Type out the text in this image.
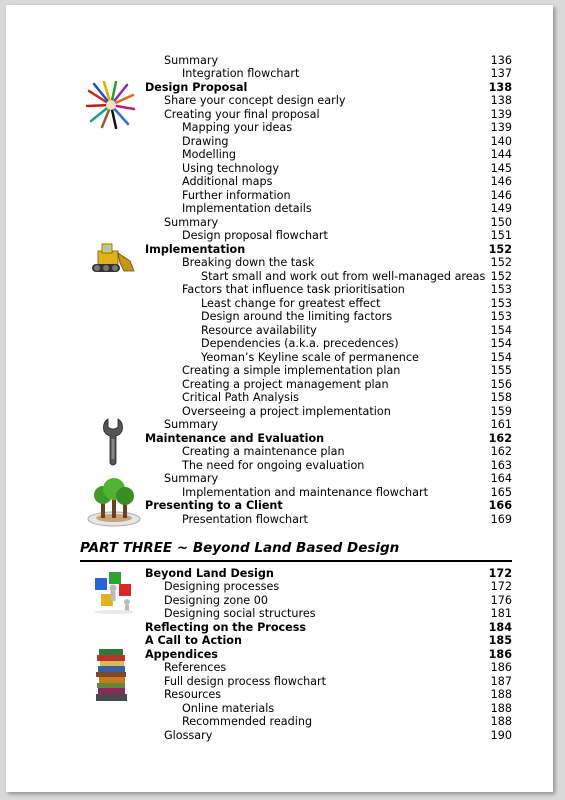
PART THREE ~ Beyond Land Based Design
Summary	136
Integration flowchart	137
Design Proposal	138
Share your concept design early	138
Creating your final proposal	139
Mapping your ideas	139
Drawing	140
Modelling	144
Using technology	145
Additional maps	146
Further information	146
Implementation details	149
Summary	150
Design proposal flowchart	151
Implementation	152
Breaking down the task	152
Start small and work out from well-managed areas 152
Factors that influence task prioritisation	153
Least change for greatest effect	153
Design around the limiting factors	153
Resource availability	154
Dependencies (a.k.a. precedences)	154
Yeoman’s Keyline scale of permanence	154
Creating a simple implementation plan	155
Creating a project management plan	156
Critical Path Analysis	158
Overseeing a project implementation	159
Summary	161
Maintenance and Evaluation	162
Creating a maintenance plan	162
The need for ongoing evaluation	163
Summary	164
Implementation and maintenance flowchart	165
Presenting to a Client	166
Presentation flowchart	169
Beyond Land Design	172
Designing processes	172
Designing zone 00	176
Designing social structures	181
Reflecting on the Process	184
A Call to Action	185
Appendices	186
References	186
Full design process flowchart	187
Resources	188
Online materials	188
Recommended reading	188
Glossary	190
